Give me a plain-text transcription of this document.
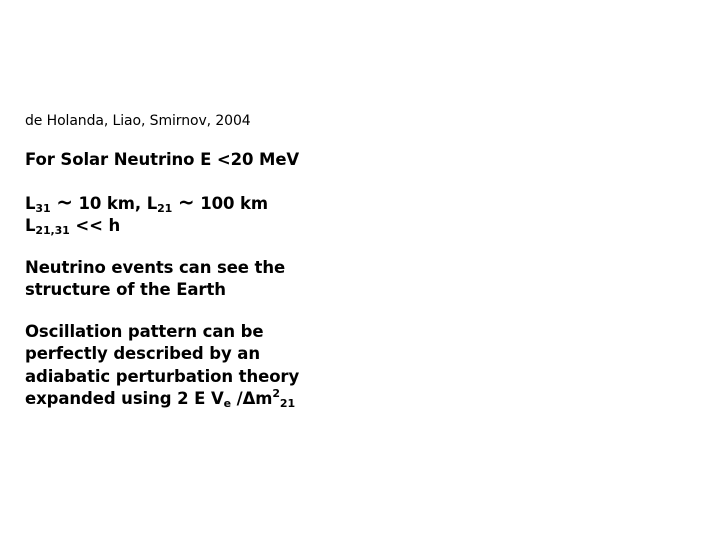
de Holanda, Liao, Smirnov, 2004
For Solar Neutrino E <20 MeV
$L_{31}$ ~ 10 km, $L_{21}$ ~ 100 km
$L_{21,31} << h$
Neutrino events can see the
structure of the Earth
Oscillation pattern can be
perfectly described by an
adiabatic perturbation theory
expanded using 2 E $V_e$ $/\Delta m^2_{21}$
